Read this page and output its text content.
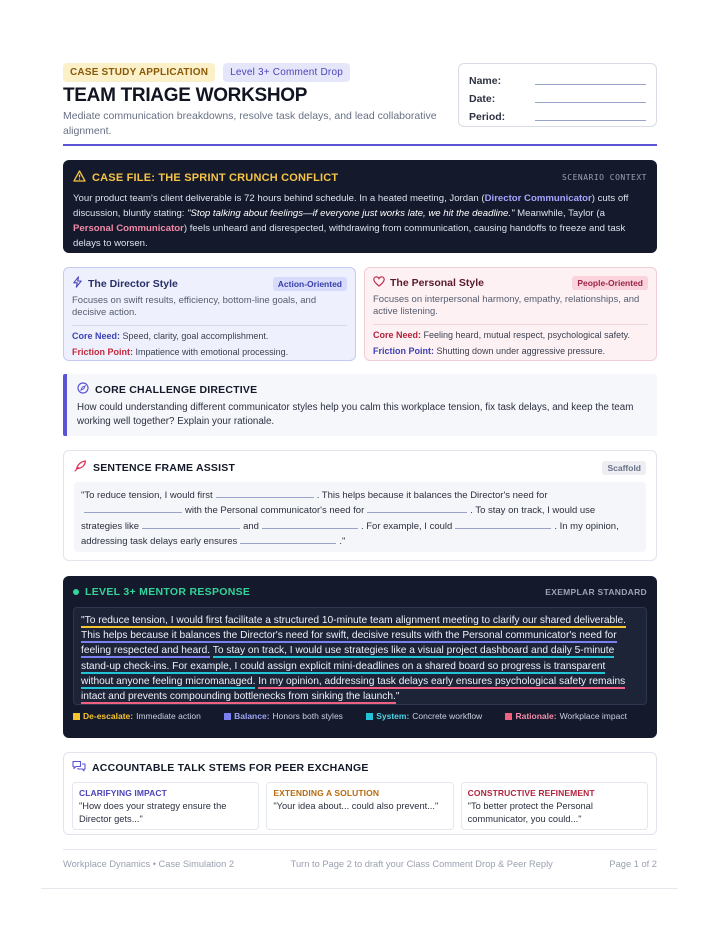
CASE STUDY APPLICATION	Level 3+ Comment Drop
TEAM TRIAGE WORKSHOP
Mediate communication breakdowns, resolve task delays, and lead collaborative alignment.
Name:
Date:
Period:
CASE FILE: THE SPRINT CRUNCH CONFLICT	SCENARIO CONTEXT
Your product team's client deliverable is 72 hours behind schedule. In a heated meeting, Jordan (Director Communicator) cuts off discussion, bluntly stating: "Stop talking about feelings—if everyone just works late, we hit the deadline." Meanwhile, Taylor (a Personal Communicator) feels unheard and disrespected, withdrawing from communication, causing handoffs to freeze and task delays to worsen.
The Director Style	Action-Oriented
Focuses on swift results, efficiency, bottom-line goals, and decisive action.
Core Need: Speed, clarity, goal accomplishment.
Friction Point: Impatience with emotional processing.
The Personal Style	People-Oriented
Focuses on interpersonal harmony, empathy, relationships, and active listening.
Core Need: Feeling heard, mutual respect, psychological safety.
Friction Point: Shutting down under aggressive pressure.
CORE CHALLENGE DIRECTIVE
How could understanding different communicator styles help you calm this workplace tension, fix task delays, and keep the team working well together? Explain your rationale.
SENTENCE FRAME ASSIST	Scaffold
"To reduce tension, I would first	. This helps because it balances the Director's need forwith the Personal communicator's need for	. To stay on track, I would use strategies like	and	. For example, I could	. In my opinion, addressing task delays early ensures	."
LEVEL 3+ MENTOR RESPONSE	EXEMPLAR STANDARD
"To reduce tension, I would first facilitate a structured 10-minute team alignment meeting to clarify our shared deliverable. This helps because it balances the Director's need for swift, decisive results with the Personal communicator's need for feeling respected and heard. To stay on track, I would use strategies like a visual project dashboard and daily 5-minute stand-up check-ins. For example, I could assign explicit mini-deadlines on a shared board so progress is transparent without anyone feeling micromanaged. In my opinion, addressing task delays early ensures psychological safety remains intact and prevents compounding bottlenecks from sinking the launch."
De-escalate: Immediate action	Balance: Honors both styles	System: Concrete workflow	Rationale: Workplace impact
ACCOUNTABLE TALK STEMS FOR PEER EXCHANGE
CLARIFYING IMPACT
"How does your strategy ensure the Director gets..."
EXTENDING A SOLUTION
"Your idea about... could also prevent..."
CONSTRUCTIVE REFINEMENT
"To better protect the Personal communicator, you could..."
Workplace Dynamics • Case Simulation 2	Turn to Page 2 to draft your Class Comment Drop & Peer Reply	Page 1 of 2
